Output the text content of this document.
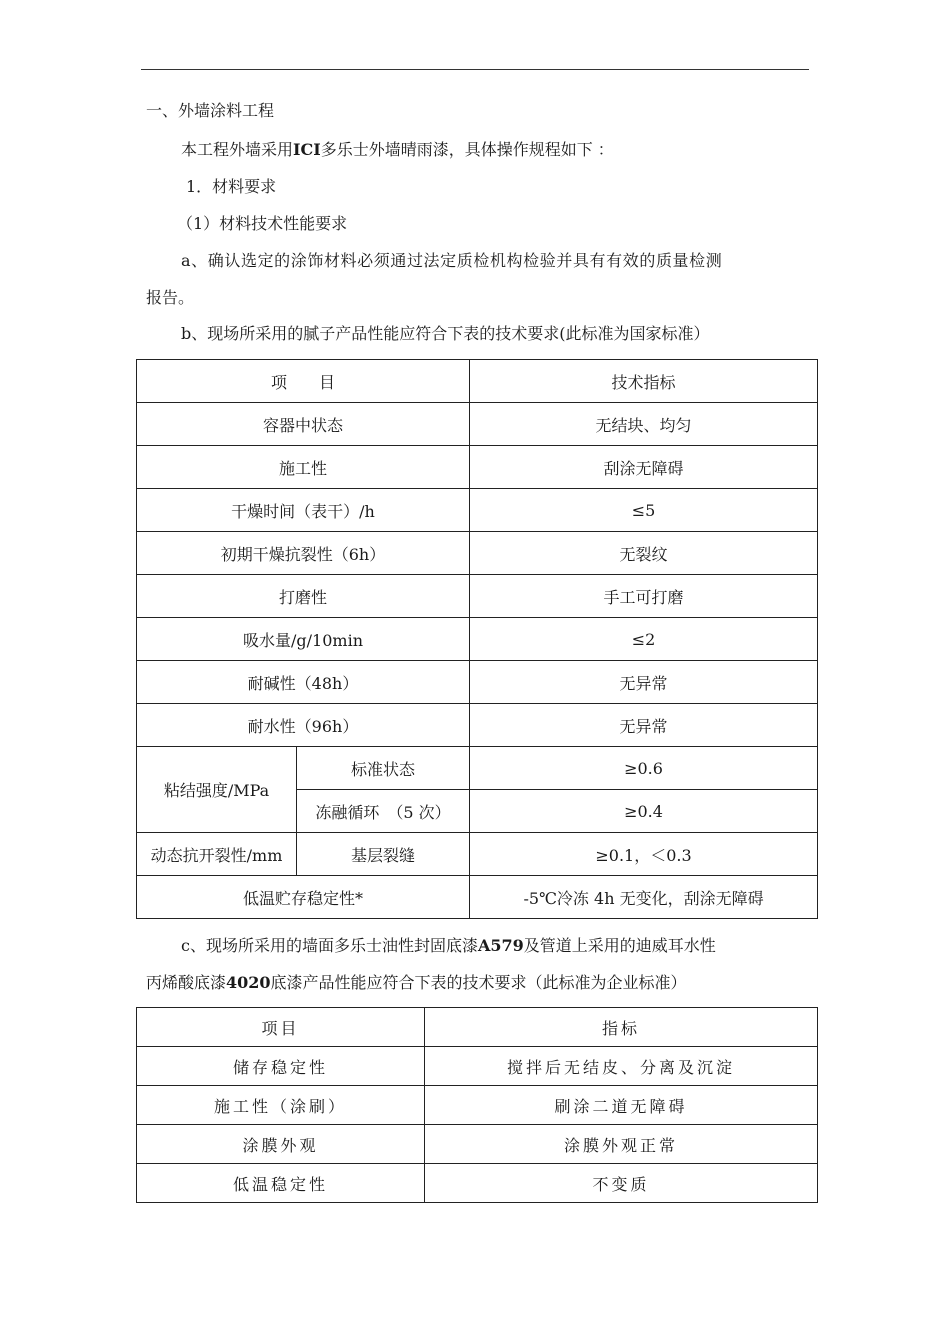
一、外墙涂料工程
本工程外墙采用ICI多乐士外墙晴雨漆，具体操作规程如下 ：
1．材料要求
（1）材料技术性能要求
a、确认选定的涂饰材料必须通过法定质检机构检验并具有有效的质量检测
报告。
b、现场所采用的腻子产品性能应符合下表的技术要求(此标准为国家标准）
项　　目		技术指标
容器中状态		无结块、均匀
施工性		刮涂无障碍
干燥时间（表干）/h		≤5
初期干燥抗裂性（6h）		无裂纹
打磨性		手工可打磨
吸水量/g/10min		≤2
耐碱性（48h）		无异常
耐水性（96h）		无异常
粘结强度/MPa	标准状态	≥0.6
	冻融循环　（5 次）	≥0.4
动态抗开裂性/mm	基层裂缝	≥0.1，＜0.3
低温贮存稳定性*		-5℃冷冻 4h 无变化，刮涂无障碍
c、现场所采用的墙面多乐士油性封固底漆A579及管道上采用的迪威耳水性
丙烯酸底漆4020底漆产品性能应符合下表的技术要求（此标准为企业标准）
项目	指标
储存稳定性	搅拌后无结皮、分离及沉淀
施工性（涂刷）	刷涂二道无障碍
涂膜外观	涂膜外观正常
低温稳定性	不变质
